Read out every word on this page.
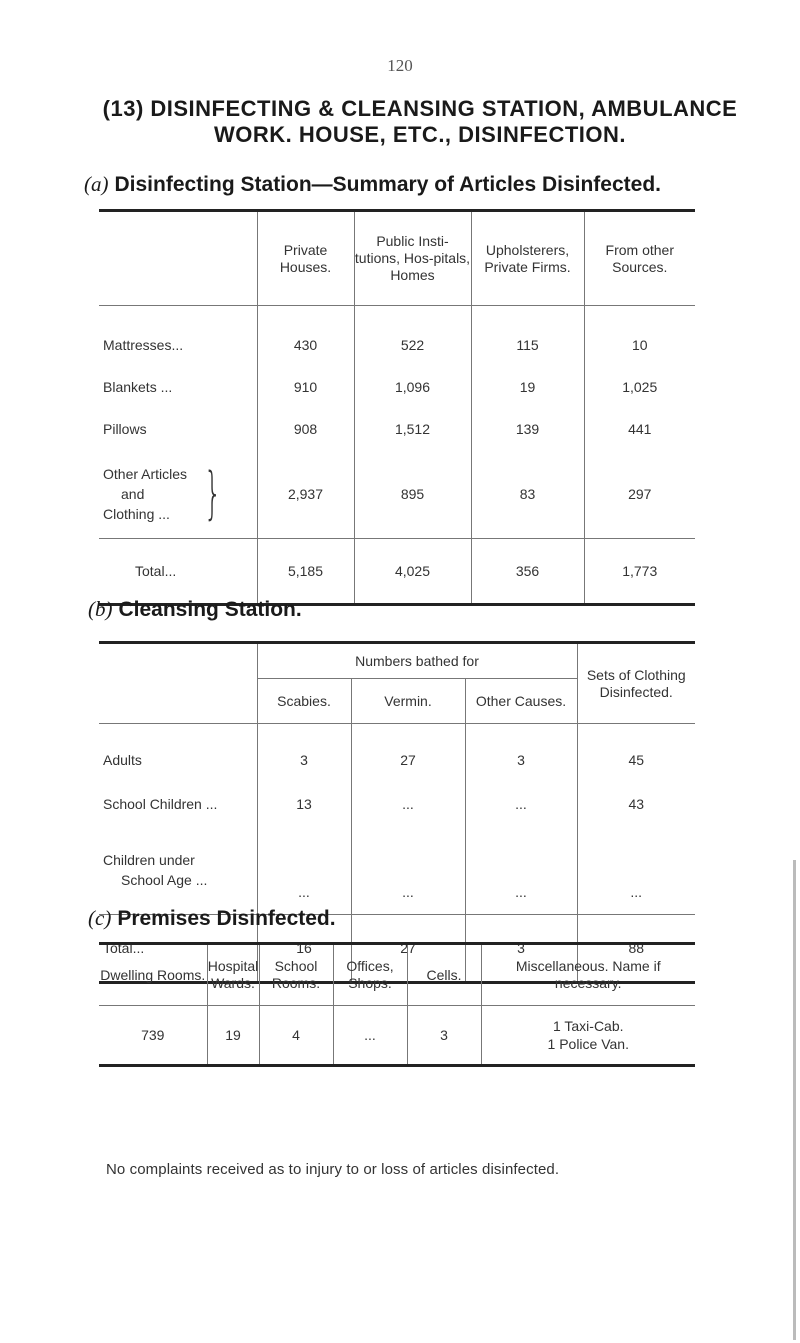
120
(13) DISINFECTING & CLEANSING STATION, AMBULANCE
WORK. HOUSE, ETC., DISINFECTION.
(a) Disinfecting Station—Summary of Articles Disinfected.
	Private Houses.	Public Insti-tutions, Hos-pitals, Homes	Upholsterers, Private Firms.	From other Sources.
Mattresses...	430	522	115	10
Blankets ...	910	1,096	19	1,025
Pillows	908	1,512	139	441

Other Articles
and
Clothing ... }	2,937	895	83	297
Total...	5,185	4,025	356	1,773
(b) Cleansing Station.
	Numbers bathed for			Sets of Clothing Disinfected.
	Scabies.	Vermin.	Other Causes.	
Adults	3	27	3	45
School Children ...	13	...	...	43

Children under
School Age ...	...	...	...	...
Total...	16	27	3	88
(c) Premises Disinfected.
Dwelling Rooms.	Hospital Wards.	School Rooms.	Offices, Shops.	Cells.	Miscellaneous. Name if necessary.
739	19	4	...	3	1 Taxi-Cab.
1 Police Van.
No complaints received as to injury to or loss of articles disinfected.
